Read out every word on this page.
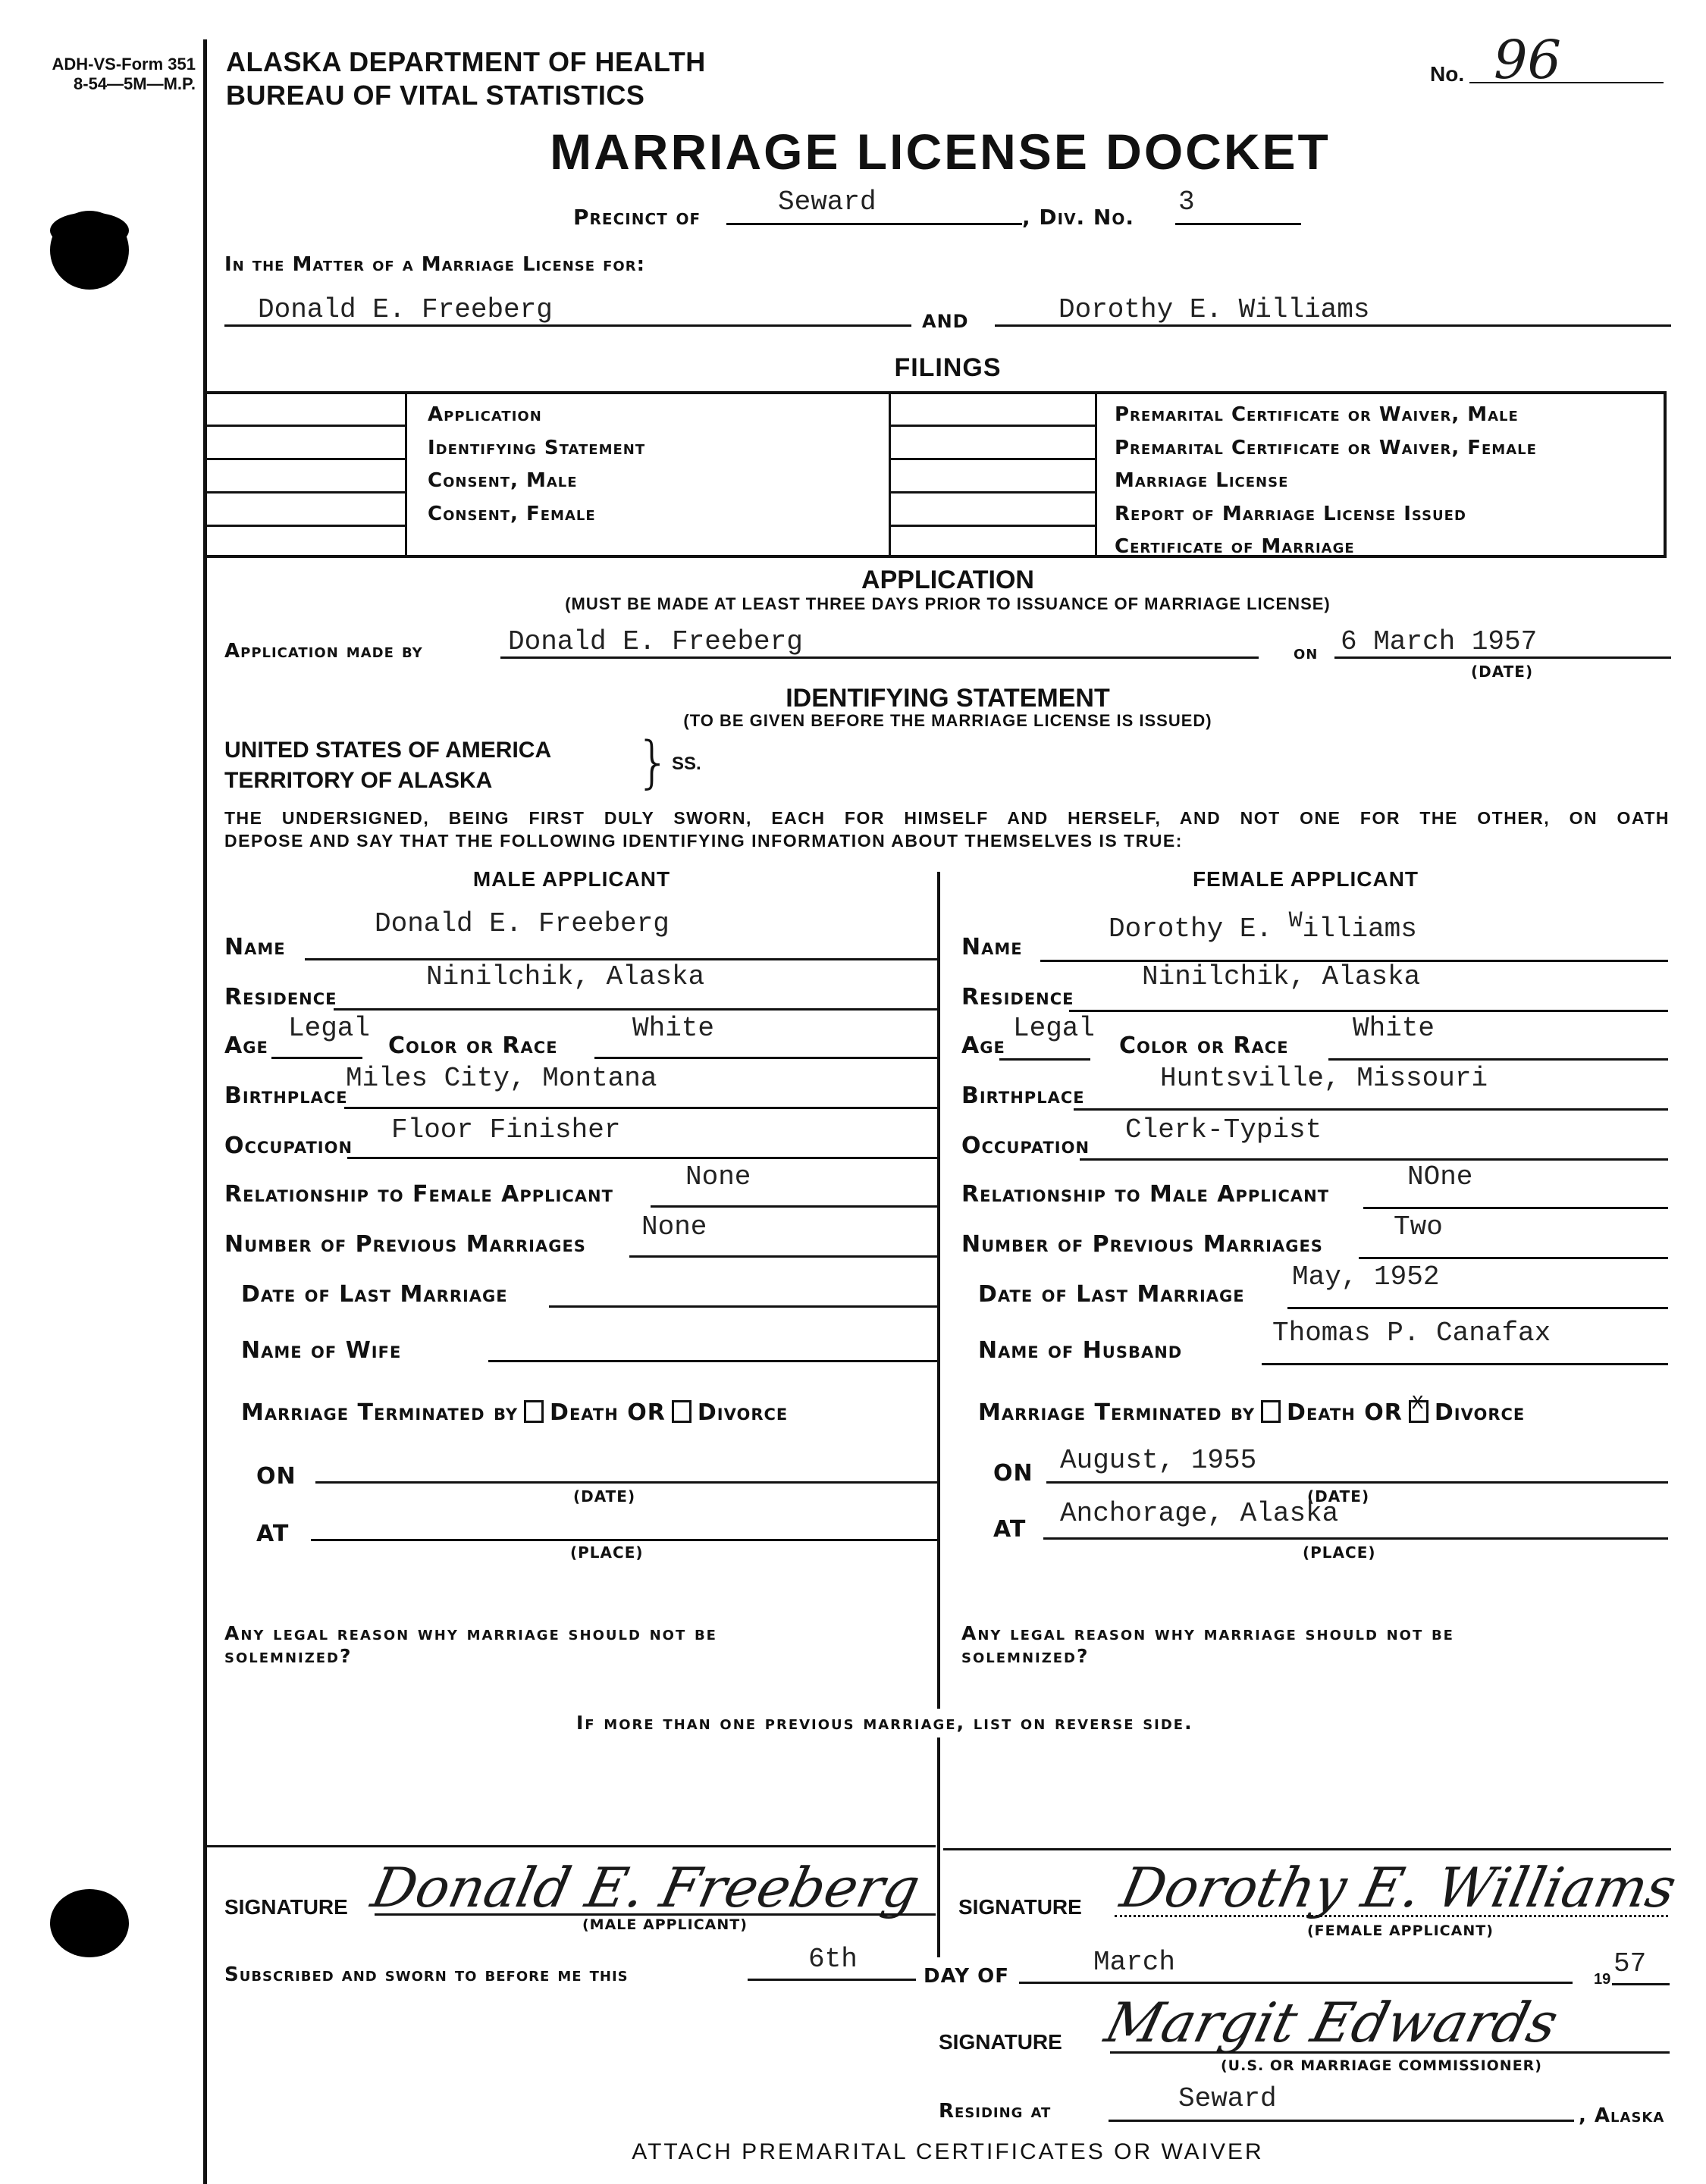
ADH-VS-Form 351
8-54—5M—M.P.
ALASKA DEPARTMENT OF HEALTH
BUREAU OF VITAL STATISTICS
No. 96
MARRIAGE LICENSE DOCKET
Precinct of	Seward	, Div. No. 3
In the Matter of a Marriage License for:
Donald E. Freeberg	AND	Dorothy E. Williams
FILINGS
Application
Identifying Statement
Consent, Male
Consent, Female
Premarital Certificate or Waiver, Male
Premarital Certificate or Waiver, Female
Marriage License
Report of Marriage License Issued
Certificate of Marriage
APPLICATION
(MUST BE MADE AT LEAST THREE DAYS PRIOR TO ISSUANCE OF MARRIAGE LICENSE)
Application made by	Donald E. Freeberg	on 6 March 1957
(DATE)
IDENTIFYING STATEMENT
(TO BE GIVEN BEFORE THE MARRIAGE LICENSE IS ISSUED)
UNITED STATES OF AMERICA
TERRITORY OF ALASKA	} SS.
THE UNDERSIGNED, BEING FIRST DULY SWORN, EACH FOR HIMSELF AND HERSELF, AND NOT ONE FOR THE OTHER, ON OATH
DEPOSE AND SAY THAT THE FOLLOWING IDENTIFYING INFORMATION ABOUT THEMSELVES IS TRUE:
MALE APPLICANT
Name
Donald E. Freeberg
Residence
Ninilchik, Alaska
Age
Legal
Color or Race
White
Birthplace
Miles City, Montana
Occupation
Floor Finisher
Relationship to Female Applicant
None
Number of Previous Marriages
None
Date of Last Marriage
Name of Wife
Marriage Terminated by Death OR Divorce
ON
(DATE)
AT
(PLACE)
Any legal reason why marriage should not be
solemnized?
FEMALE APPLICANT
Name
Dorothy E. $^W$illiams
Residence
Ninilchik, Alaska
Age
Legal
Color or Race
White
Birthplace
Huntsville, Missouri
Occupation
Clerk-Typist
Relationship to Male Applicant
NOne
Number of Previous Marriages
Two
Date of Last Marriage
May, 1952
Name of Husband
Thomas P. Canafax
Marriage Terminated by Death OR X Divorce
ON August, 1955
(DATE)
AT
Anchorage, Alaska
(PLACE)
Any legal reason why marriage should not be
solemnized?
If more than one previous marriage, list on reverse side.
SIGNATURE Donald E. Freeberg
(MALE APPLICANT)
SIGNATURE Dorothy E. Williams
(FEMALE APPLICANT)
Subscribed and sworn to before me this	6th
DAY OF	March
19 57
SIGNATURE Margit Edwards
(U.S. OR MARRIAGE COMMISSIONER)
Residing at	Seward
, Alaska
ATTACH PREMARITAL CERTIFICATES OR WAIVER
